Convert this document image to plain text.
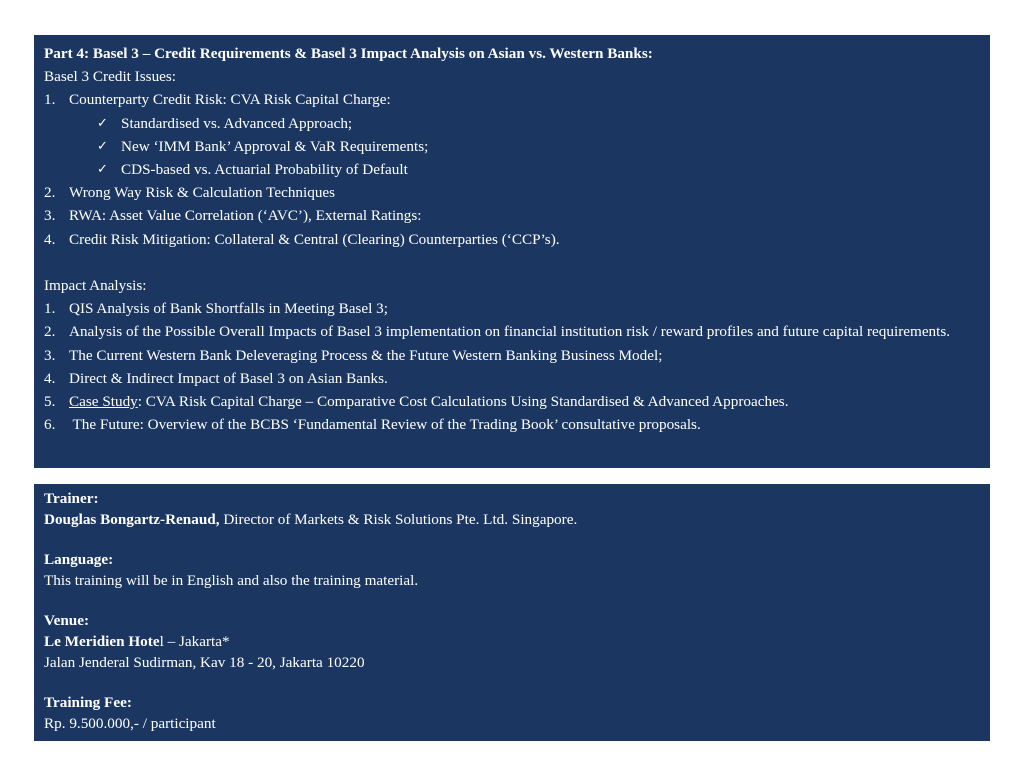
Part 4: Basel 3 – Credit Requirements & Basel 3 Impact Analysis on Asian vs. Western Banks:
Basel 3 Credit Issues:
1. Counterparty Credit Risk: CVA Risk Capital Charge:
✓ Standardised vs. Advanced Approach;
✓ New ‘IMM Bank’ Approval & VaR Requirements;
✓ CDS-based vs. Actuarial Probability of Default
2. Wrong Way Risk & Calculation Techniques
3. RWA: Asset Value Correlation (‘AVC’), External Ratings:
4. Credit Risk Mitigation: Collateral & Central (Clearing) Counterparties (‘CCP’s).
Impact Analysis:
1. QIS Analysis of Bank Shortfalls in Meeting Basel 3;
2. Analysis of the Possible Overall Impacts of Basel 3 implementation on financial institution risk / reward profiles and future capital requirements.
3. The Current Western Bank Deleveraging Process & the Future Western Banking Business Model;
4. Direct & Indirect Impact of Basel 3 on Asian Banks.
5. Case Study: CVA Risk Capital Charge – Comparative Cost Calculations Using Standardised & Advanced Approaches.
6. The Future: Overview of the BCBS ‘Fundamental Review of the Trading Book’ consultative proposals.
Trainer:
Douglas Bongartz-Renaud, Director of Markets & Risk Solutions Pte. Ltd. Singapore.
Language:
This training will be in English and also the training material.
Venue:
Le Meridien Hotel – Jakarta*
Jalan Jenderal Sudirman, Kav 18 - 20, Jakarta 10220
Training Fee:
Rp. 9.500.000,- / participant
